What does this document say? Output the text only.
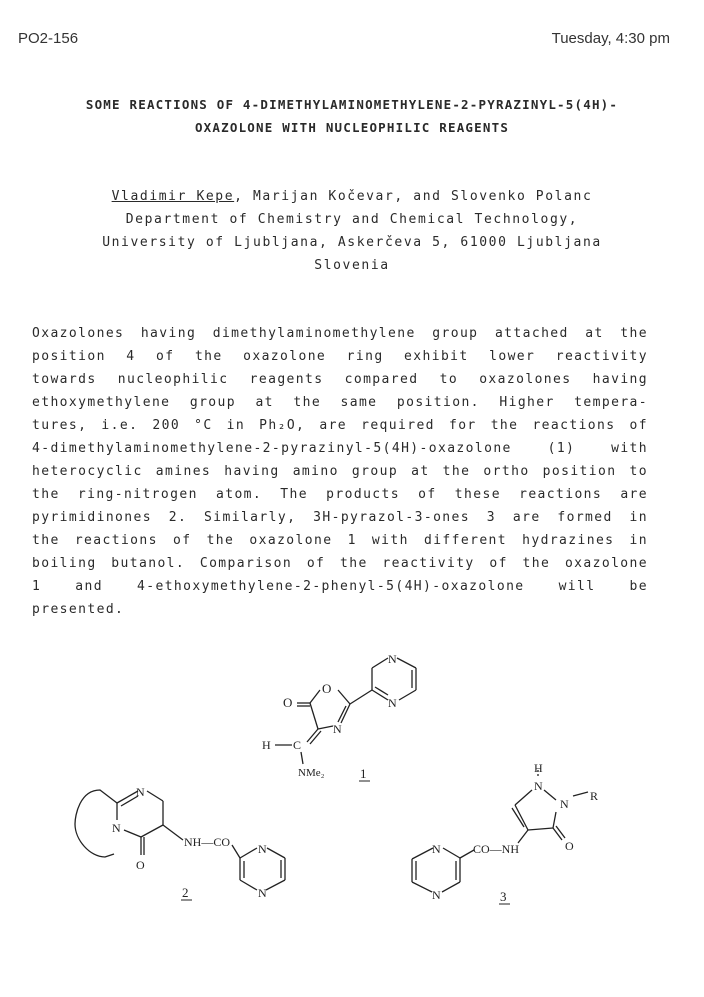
PO2-156	Tuesday, 4:30 pm
SOME REACTIONS OF 4-DIMETHYLAMINOMETHYLENE-2-PYRAZINYL-5(4H)-
OXAZOLONE WITH NUCLEOPHILIC REAGENTS
Vladimir Kepe, Marijan Kočevar, and Slovenko Polanc
Department of Chemistry and Chemical Technology,
University of Ljubljana, Askerčeva 5, 61000 Ljubljana
Slovenia
Oxazolones having dimethylaminomethylene group attached at the
position 4 of the oxazolone ring exhibit lower reactivity
towards nucleophilic reagents compared to oxazolones having
ethoxymethylene group at the same position. Higher tempera-
tures, i.e. 200 °C in Ph₂O, are required for the reactions of
4-dimethylaminomethylene-2-pyrazinyl-5(4H)-oxazolone (1) with
heterocyclic amines having amino group at the ortho position to
the ring-nitrogen atom. The products of these reactions are
pyrimidinones 2. Similarly, 3H-pyrazol-3-ones 3 are formed in
the reactions of the oxazolone 1 with different hydrazines in
boiling butanol. Comparison of the reactivity of the oxazolone
1 and 4-ethoxymethylene-2-phenyl-5(4H)-oxazolone will be
presented.
O
O
N
H C
NMe₂
N
N
1
N
N
O
NH—CO N
N
2
H
N
N
R
O
CO—NH
N
N	3
